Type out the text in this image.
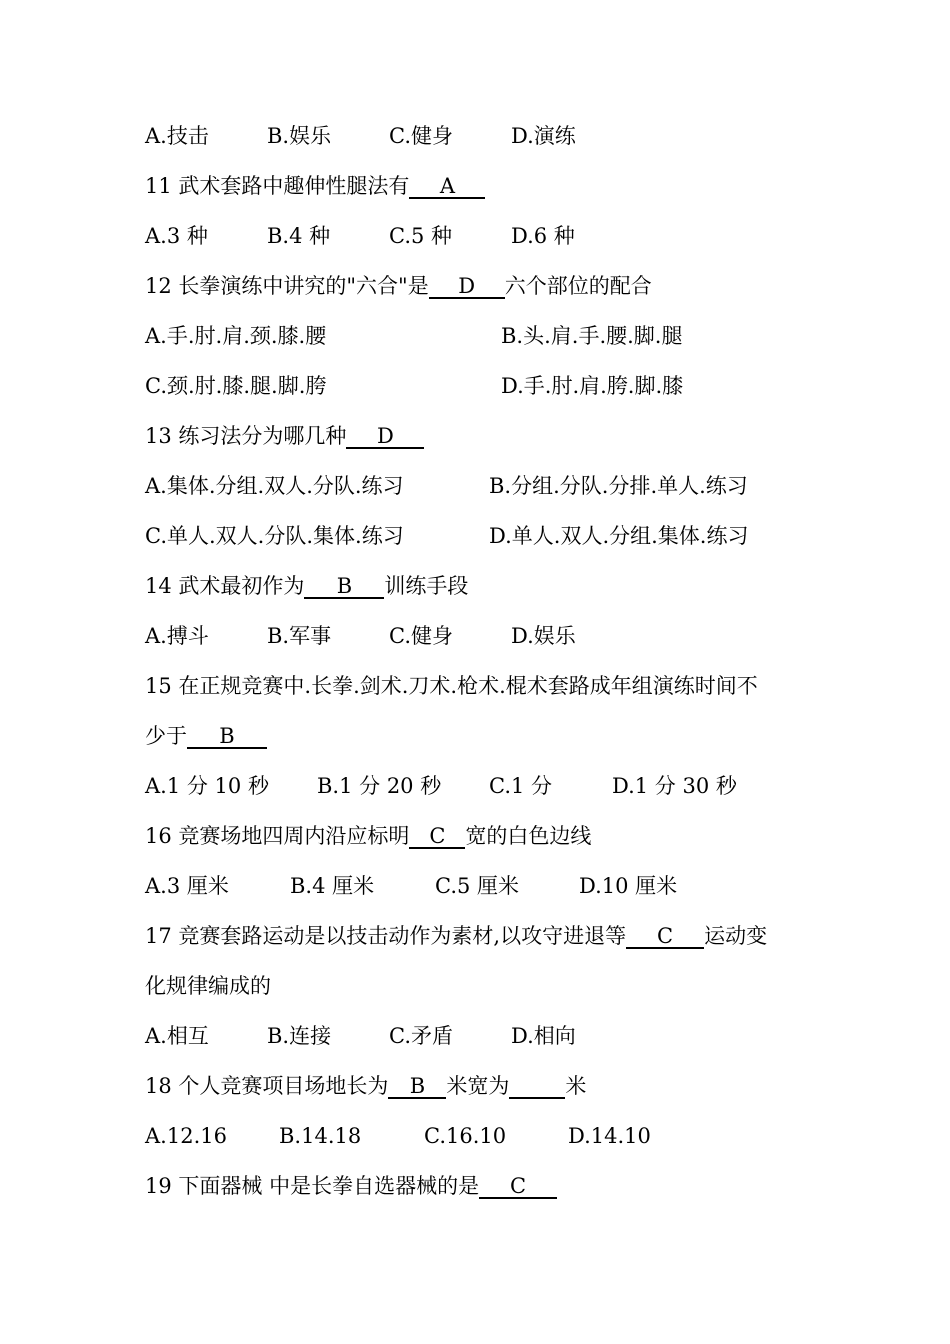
A.技击	B.娱乐	C.健身	D.演练
11 武术套路中趣伸性腿法有 A
A.3 种	B.4 种	C.5 种	D.6 种
12 长拳演练中讲究的"六合"是 D 六个部位的配合
A.手.肘.肩.颈.膝.腰	B.头.肩.手.腰.脚.腿
C.颈.肘.膝.腿.脚.胯	D.手.肘.肩.胯.脚.膝
13 练习法分为哪几种 D
A.集体.分组.双人.分队.练习	B.分组.分队.分排.单人.练习
C.单人.双人.分队.集体.练习	D.单人.双人.分组.集体.练习
14 武术最初作为 B 训练手段
A.搏斗	B.军事	C.健身	D.娱乐
15 在正规竞赛中.长拳.剑术.刀术.枪术.棍术套路成年组演练时间不
少于 B
A.1 分 10 秒 B.1 分 20 秒 C.1 分	D.1 分 30 秒
16 竞赛场地四周内沿应标明 C 宽的白色边线
A.3 厘米	B.4 厘米	C.5 厘米	D.10 厘米
17 竞赛套路运动是以技击动作为素材,以攻守进退等 C 运动变
化规律编成的
A.相互	B.连接	C.矛盾	D.相向
18 个人竞赛项目场地长为 B 米宽为	米
A.12.16 B.14.18	C.16.10	D.14.10
19 下面器械 中是长拳自选器械的是 C
